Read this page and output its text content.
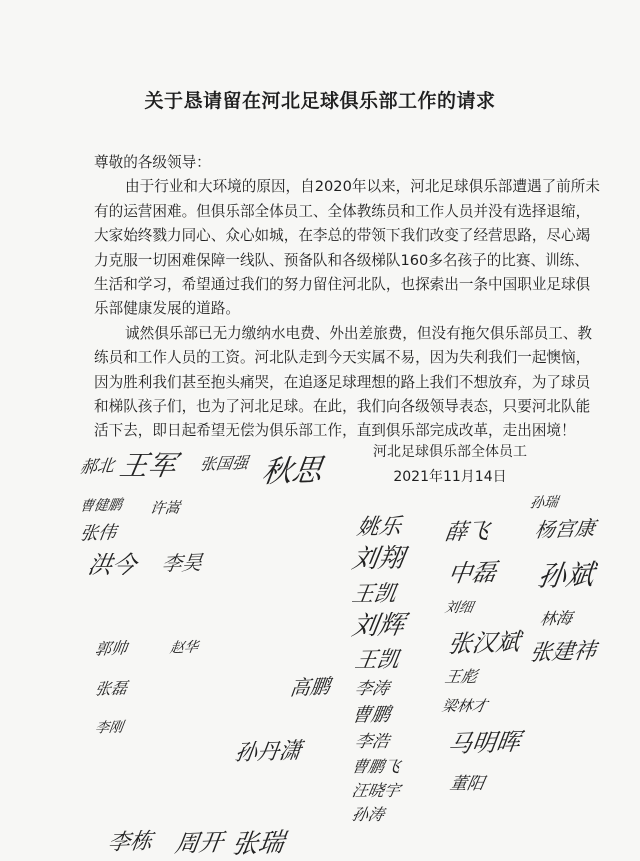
关于恳请留在河北足球俱乐部工作的请求
尊敬的各级领导：
由于行业和大环境的原因，自2020年以来，河北足球俱乐部遭遇了前所未
有的运营困难。但俱乐部全体员工、全体教练员和工作人员并没有选择退缩，
大家始终戮力同心、众心如城，在李总的带领下我们改变了经营思路，尽心竭
力克服一切困难保障一线队、预备队和各级梯队160多名孩子的比赛、训练、
生活和学习，希望通过我们的努力留住河北队，也探索出一条中国职业足球俱
乐部健康发展的道路。
诚然俱乐部已无力缴纳水电费、外出差旅费，但没有拖欠俱乐部员工、教
练员和工作人员的工资。河北队走到今天实属不易，因为失利我们一起懊恼，
因为胜利我们甚至抱头痛哭，在追逐足球理想的路上我们不想放弃，为了球员
和梯队孩子们，也为了河北足球。在此，我们向各级领导表态，只要河北队能
活下去，即日起希望无偿为俱乐部工作，直到俱乐部完成改革，走出困境！
河北足球俱乐部全体员工
2021年11月14日
郝北 王军 张国强 秋思
曹健鹏 许嵩
张伟
洪今 李昊
王凯
刘辉
李涛
曹鹏
孙丹潇
李栋 周开 张瑞
姚乐
刘翔
王凯
李浩
曹鹏飞
薛飞
中磊
刘细
张汉斌
王彪
梁林才
马明晖
董阳
孙瑞
杨宫康
孙斌
林海
张建祎
汪晓宇
孙涛
高鹏
郭帅
李刚
赵华
张磊
